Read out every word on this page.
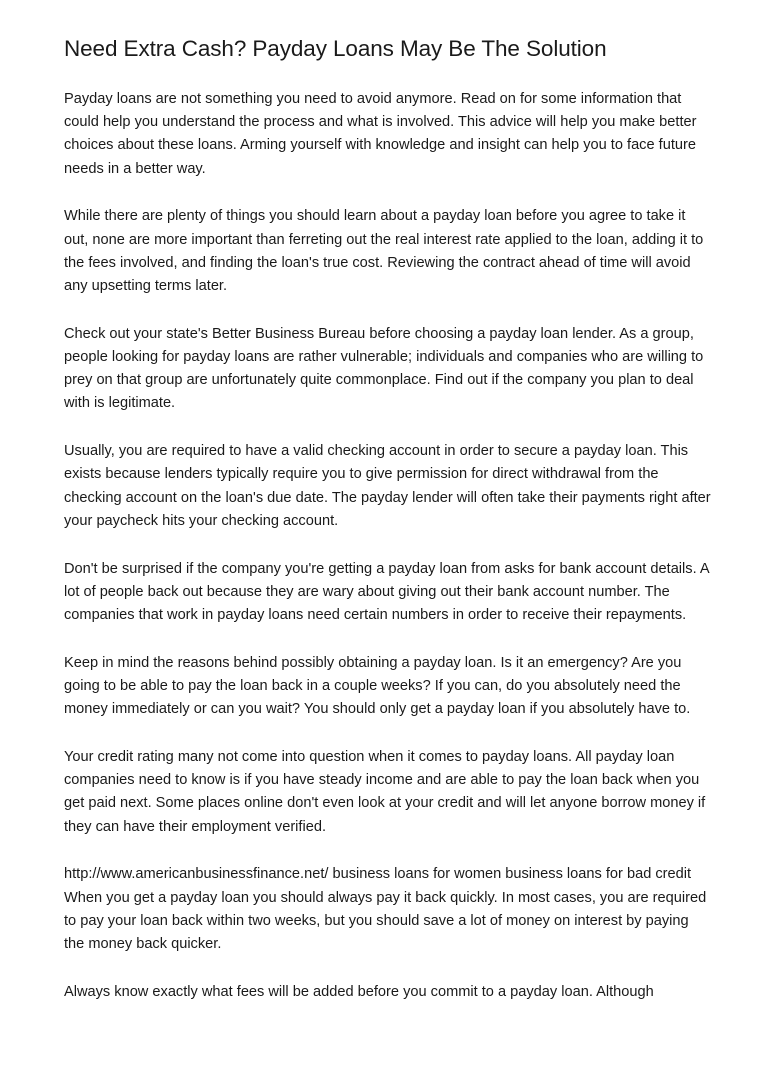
Need Extra Cash? Payday Loans May Be The Solution

Payday loans are not something you need to avoid anymore. Read on for some information that could help you understand the process and what is involved. This advice will help you make better choices about these loans. Arming yourself with knowledge and insight can help you to face future needs in a better way.

While there are plenty of things you should learn about a payday loan before you agree to take it out, none are more important than ferreting out the real interest rate applied to the loan, adding it to the fees involved, and finding the loan's true cost. Reviewing the contract ahead of time will avoid any upsetting terms later.

Check out your state's Better Business Bureau before choosing a payday loan lender. As a group, people looking for payday loans are rather vulnerable; individuals and companies who are willing to prey on that group are unfortunately quite commonplace. Find out if the company you plan to deal with is legitimate.

Usually, you are required to have a valid checking account in order to secure a payday loan. This exists because lenders typically require you to give permission for direct withdrawal from the checking account on the loan's due date. The payday lender will often take their payments right after your paycheck hits your checking account.

Don't be surprised if the company you're getting a payday loan from asks for bank account details. A lot of people back out because they are wary about giving out their bank account number. The companies that work in payday loans need certain numbers in order to receive their repayments.

Keep in mind the reasons behind possibly obtaining a payday loan. Is it an emergency? Are you going to be able to pay the loan back in a couple weeks? If you can, do you absolutely need the money immediately or can you wait? You should only get a payday loan if you absolutely have to.

Your credit rating many not come into question when it comes to payday loans. All payday loan companies need to know is if you have steady income and are able to pay the loan back when you get paid next. Some places online don't even look at your credit and will let anyone borrow money if they can have their employment verified.

http://www.americanbusinessfinance.net/ business loans for women business loans for bad credit When you get a payday loan you should always pay it back quickly. In most cases, you are required to pay your loan back within two weeks, but you should save a lot of money on interest by paying the money back quicker.

Always know exactly what fees will be added before you commit to a payday loan. Although
